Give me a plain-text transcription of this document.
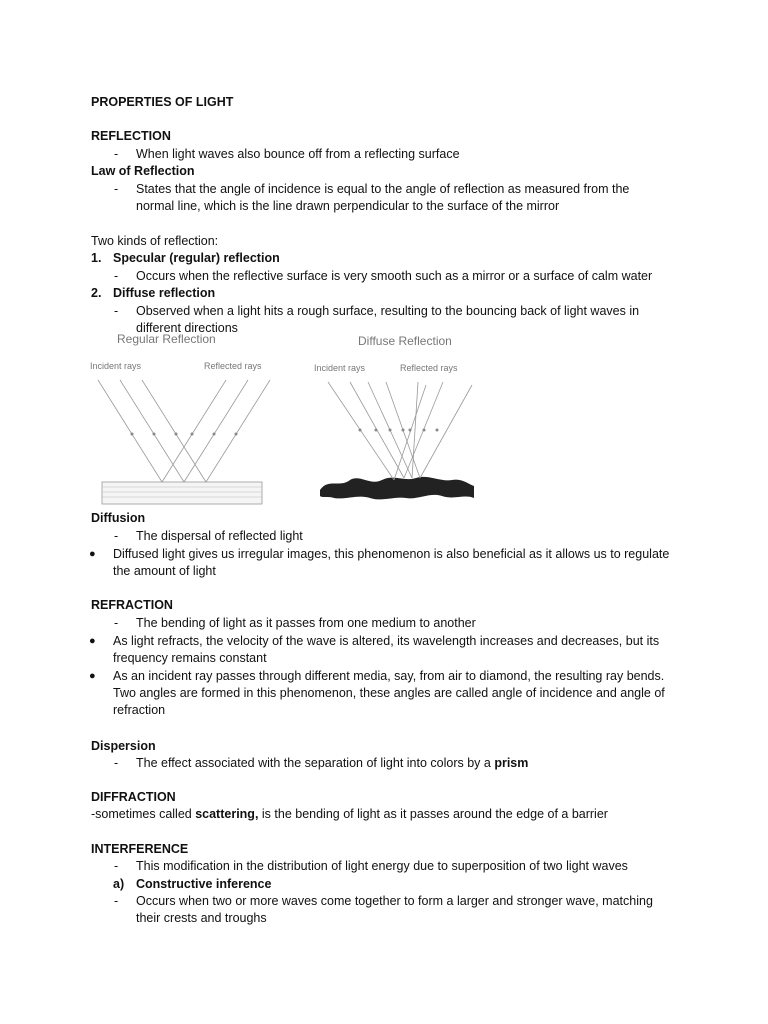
PROPERTIES OF LIGHT
REFLECTION
- When light waves also bounce off from a reflecting surface
Law of Reflection
- States that the angle of incidence is equal to the angle of reflection as measured from the
normal line, which is the line drawn perpendicular to the surface of the mirror
Two kinds of reflection:
1. Specular (regular) reflection
- Occurs when the reflective surface is very smooth such as a mirror or a surface of calm water
2. Diffuse reflection
- Observed when a light hits a rough surface, resulting to the bouncing back of light waves in
different directions
Regular Reflection
Incident rays	Reflected rays
Diffuse Reflection
Incident rays	Reflected rays
Diffusion
- The dispersal of reflected light
● Diffused light gives us irregular images, this phenomenon is also beneficial as it allows us to regulate
the amount of light
REFRACTION
- The bending of light as it passes from one medium to another
● As light refracts, the velocity of the wave is altered, its wavelength increases and decreases, but its
frequency remains constant
● As an incident ray passes through different media, say, from air to diamond, the resulting ray bends.
Two angles are formed in this phenomenon, these angles are called angle of incidence and angle of
refraction
Dispersion
- The effect associated with the separation of light into colors by a prism
DIFFRACTION
-sometimes called scattering, is the bending of light as it passes around the edge of a barrier
INTERFERENCE
- This modification in the distribution of light energy due to superposition of two light waves
a) Constructive inference
- Occurs when two or more waves come together to form a larger and stronger wave, matching
their crests and troughs
